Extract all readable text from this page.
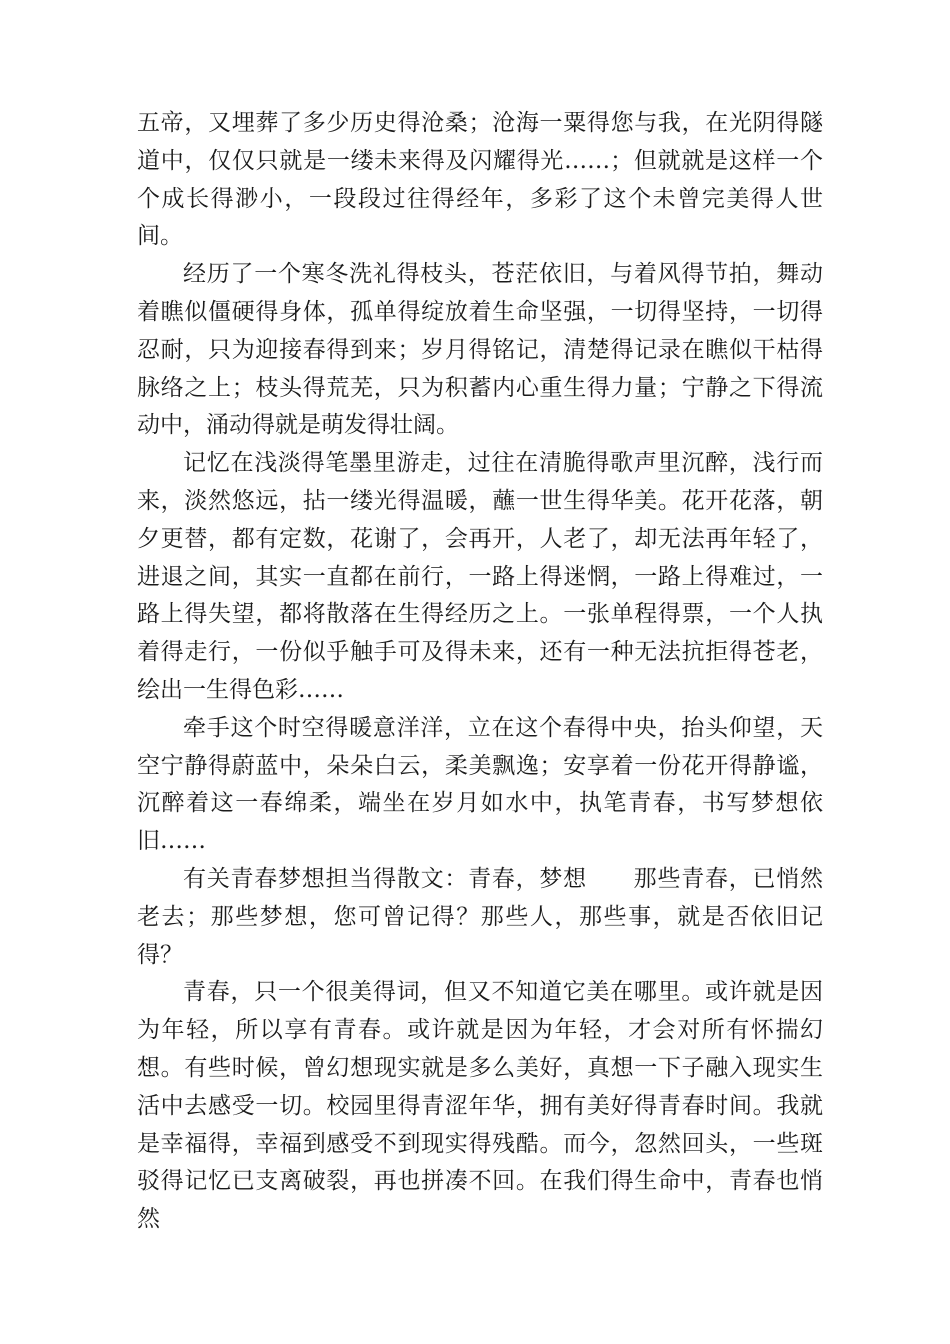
五帝，又埋葬了多少历史得沧桑；沧海一粟得您与我，在光阴得隧道中，仅仅只就是一缕未来得及闪耀得光……；但就就是这样一个个成长得渺小，一段段过往得经年，多彩了这个未曾完美得人世间。

经历了一个寒冬洗礼得枝头，苍茫依旧，与着风得节拍，舞动着瞧似僵硬得身体，孤单得绽放着生命坚强，一切得坚持，一切得忍耐，只为迎接春得到来；岁月得铭记，清楚得记录在瞧似干枯得脉络之上；枝头得荒芜，只为积蓄内心重生得力量；宁静之下得流动中，涌动得就是萌发得壮阔。

记忆在浅淡得笔墨里游走，过往在清脆得歌声里沉醉，浅行而来，淡然悠远，拈一缕光得温暖，蘸一世生得华美。花开花落，朝夕更替，都有定数，花谢了，会再开，人老了，却无法再年轻了，进退之间，其实一直都在前行，一路上得迷惘，一路上得难过，一路上得失望，都将散落在生得经历之上。一张单程得票，一个人执着得走行，一份似乎触手可及得未来，还有一种无法抗拒得苍老，绘出一生得色彩……

牵手这个时空得暖意洋洋，立在这个春得中央，抬头仰望，天空宁静得蔚蓝中，朵朵白云，柔美飘逸；安享着一份花开得静谧，沉醉着这一春绵柔，端坐在岁月如水中，执笔青春，书写梦想依旧……

有关青春梦想担当得散文：青春，梦想 那些青春，已悄然老去；那些梦想，您可曾记得？那些人，那些事，就是否依旧记得？

青春，只一个很美得词，但又不知道它美在哪里。或许就是因为年轻，所以享有青春。或许就是因为年轻，才会对所有怀揣幻想。有些时候，曾幻想现实就是多么美好，真想一下子融入现实生活中去感受一切。校园里得青涩年华，拥有美好得青春时间。我就是幸福得，幸福到感受不到现实得残酷。而今，忽然回头，一些斑驳得记忆已支离破裂，再也拼凑不回。在我们得生命中，青春也悄然
